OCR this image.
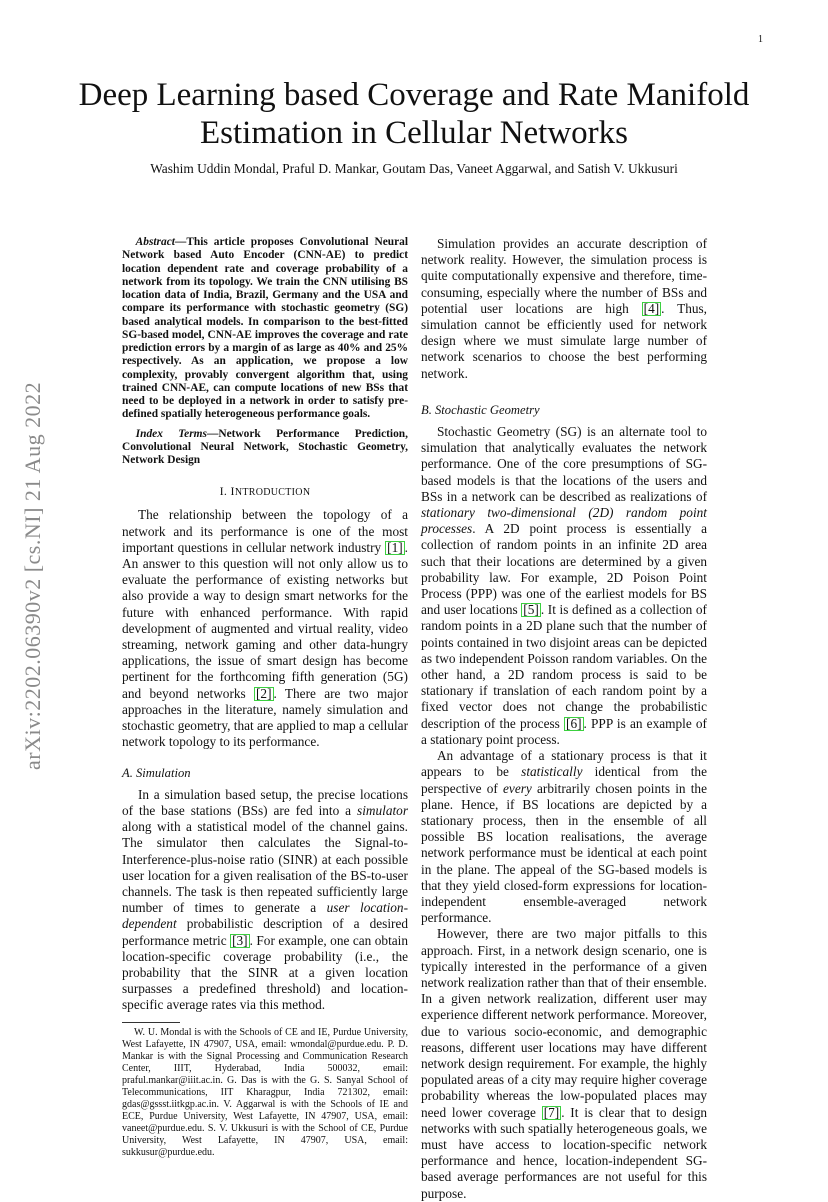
1
arXiv:2202.06390v2 [cs.NI] 21 Aug 2022
Deep Learning based Coverage and Rate Manifold Estimation in Cellular Networks

Washim Uddin Mondal, Praful D. Mankar, Goutam Das, Vaneet Aggarwal, and Satish V. Ukkusuri

Abstract—This article proposes Convolutional Neural Network based Auto Encoder (CNN-AE) to predict location dependent rate and coverage probability of a network from its topology. We train the CNN utilising BS location data of India, Brazil, Germany and the USA and compare its performance with stochastic geometry (SG) based analytical models. In comparison to the best-fitted SG-based model, CNN-AE improves the coverage and rate prediction errors by a margin of as large as 40% and 25% respectively. As an application, we propose a low complexity, provably convergent algorithm that, using trained CNN-AE, can compute locations of new BSs that need to be deployed in a network in order to satisfy pre-defined spatially heterogeneous performance goals.

Index Terms—Network Performance Prediction, Convolutional Neural Network, Stochastic Geometry, Network Design

I. INTRODUCTION

The relationship between the topology of a network and its performance is one of the most important questions in cellular network industry [1] . An answer to this question will not only allow us to evaluate the performance of existing networks but also provide a way to design smart networks for the future with enhanced performance. With rapid development of augmented and virtual reality, video streaming, network gaming and other data-hungry applications, the issue of smart design has become pertinent for the forthcoming fifth generation (5G) and beyond networks [2] . There are two major approaches in the literature, namely simulation and stochastic geometry, that are applied to map a cellular network topology to its performance.

A. Simulation

In a simulation based setup, the precise locations of the base stations (BSs) are fed into a simulator along with a statistical model of the channel gains. The simulator then calculates the Signal-to-Interference-plus-noise ratio (SINR) at each possible user location for a given realisation of the BS-to-user channels. The task is then repeated sufficiently large number of times to generate a user location-dependent probabilistic description of a desired performance metric [3] . For example, one can obtain location-specific coverage probability (i.e., the probability that the SINR at a given location surpasses a predefined threshold) and location-specific average rates via this method.

W. U. Mondal is with the Schools of CE and IE, Purdue University, West Lafayette, IN 47907, USA, email: wmondal@purdue.edu. P. D. Mankar is with the Signal Processing and Communication Research Center, IIIT, Hyderabad, India 500032, email: praful.mankar@iiit.ac.in. G. Das is with the G. S. Sanyal School of Telecommunications, IIT Kharagpur, India 721302, email: gdas@gssst.iitkgp.ac.in. V. Aggarwal is with the Schools of IE and ECE, Purdue University, West Lafayette, IN 47907, USA, email: vaneet@purdue.edu. S. V. Ukkusuri is with the School of CE, Purdue University, West Lafayette, IN 47907, USA, email: sukkusur@purdue.edu.

Simulation provides an accurate description of network reality. However, the simulation process is quite computationally expensive and therefore, time-consuming, especially where the number of BSs and potential user locations are high [4] . Thus, simulation cannot be efficiently used for network design where we must simulate large number of network scenarios to choose the best performing network.

B. Stochastic Geometry

Stochastic Geometry (SG) is an alternate tool to simulation that analytically evaluates the network performance. One of the core presumptions of SG-based models is that the locations of the users and BSs in a network can be described as realizations of stationary two-dimensional (2D) random point processes. A 2D point process is essentially a collection of random points in an infinite 2D area such that their locations are determined by a given probability law. For example, 2D Poison Point Process (PPP) was one of the earliest models for BS and user locations [5] . It is defined as a collection of random points in a 2D plane such that the number of points contained in two disjoint areas can be depicted as two independent Poisson random variables. On the other hand, a 2D random process is said to be stationary if translation of each random point by a fixed vector does not change the probabilistic description of the process [6] . PPP is an example of a stationary point process.

An advantage of a stationary process is that it appears to be statistically identical from the perspective of every arbitrarily chosen points in the plane. Hence, if BS locations are depicted by a stationary process, then in the ensemble of all possible BS location realisations, the average network performance must be identical at each point in the plane. The appeal of the SG-based models is that they yield closed-form expressions for location-independent ensemble-averaged network performance.

However, there are two major pitfalls to this approach. First, in a network design scenario, one is typically interested in the performance of a given network realization rather than that of their ensemble. In a given network realization, different user may experience different network performance. Moreover, due to various socio-economic, and demographic reasons, different user locations may have different network design requirement. For example, the highly populated areas of a city may require higher coverage probability whereas the low-populated places may need lower coverage [7] . It is clear that to design networks with such spatially heterogeneous goals, we must have access to location-specific network performance and hence, location-independent SG-based average performances are not useful for this purpose.
